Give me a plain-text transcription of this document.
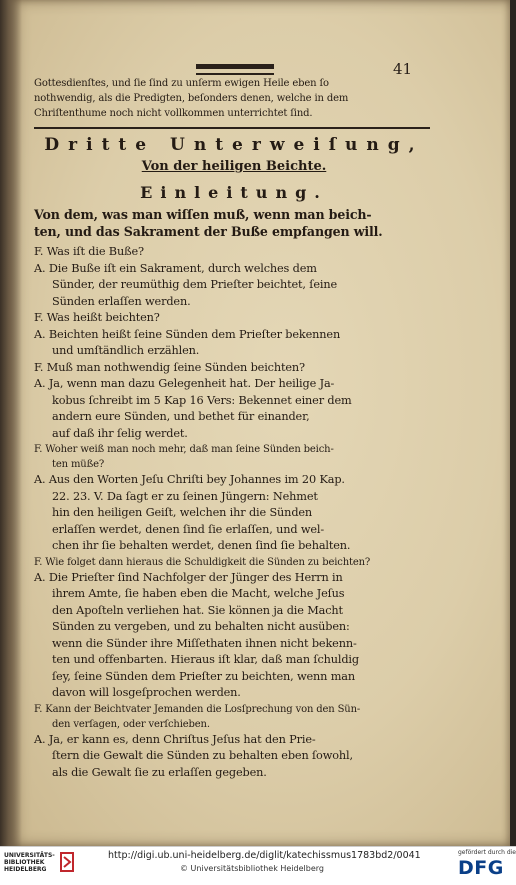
41
Gottesdienſtes, und ſie ſind zu unſerm ewigen Heile eben ſo
nothwendig, als die Predigten, beſonders denen, welche in dem
Chriſtenthume noch nicht vollkommen unterrichtet ſind.
Dritte Unterweiſung,
Von der heiligen Beichte.
Einleitung.
Von dem, was man wiſſen muß, wenn man beich-
ten, und das Sakrament der Buße empfangen will.
F. Was iſt die Buße?
A. Die Buße iſt ein Sakrament, durch welches dem
Sünder, der reumüthig dem Prieſter beichtet, ſeine
Sünden erlaſſen werden.
F. Was heißt beichten?
A. Beichten heißt ſeine Sünden dem Prieſter bekennen
und umſtändlich erzählen.
F. Muß man nothwendig ſeine Sünden beichten?
A. Ja, wenn man dazu Gelegenheit hat. Der heilige Ja-
kobus ſchreibt im 5 Kap 16 Vers: Bekennet einer dem
andern eure Sünden, und bethet für einander,
auf daß ihr ſelig werdet.
F. Woher weiß man noch mehr, daß man ſeine Sünden beich-
ten müße?
A. Aus den Worten Jeſu Chriſti bey Johannes im 20 Kap.
22. 23. V. Da ſagt er zu ſeinen Jüngern: Nehmet
hin den heiligen Geiſt, welchen ihr die Sünden
erlaſſen werdet, denen ſind ſie erlaſſen, und wel-
chen ihr ſie behalten werdet, denen ſind ſie behalten.
F. Wie folget dann hieraus die Schuldigkeit die Sünden zu beichten?
A. Die Prieſter ſind Nachfolger der Jünger des Herrn in
ihrem Amte, ſie haben eben die Macht, welche Jeſus
den Apoſteln verliehen hat. Sie können ja die Macht
Sünden zu vergeben, und zu behalten nicht ausüben:
wenn die Sünder ihre Miſſethaten ihnen nicht bekenn-
ten und offenbarten. Hieraus iſt klar, daß man ſchuldig
ſey, ſeine Sünden dem Prieſter zu beichten, wenn man
davon will losgeſprochen werden.
F. Kann der Beichtvater Jemanden die Losſprechung von den Sün-
den verſagen, oder verſchieben.
A. Ja, er kann es, denn Chriſtus Jeſus hat den Prie-
ſtern die Gewalt die Sünden zu behalten eben ſowohl,
als die Gewalt ſie zu erlaſſen gegeben.
UNIVERSITÄTS-
BIBLIOTHEK
HEIDELBERG
http://digi.ub.uni-heidelberg.de/diglit/katechissmus1783bd2/0041
© Universitätsbibliothek Heidelberg
gefördert durch die
DFG
